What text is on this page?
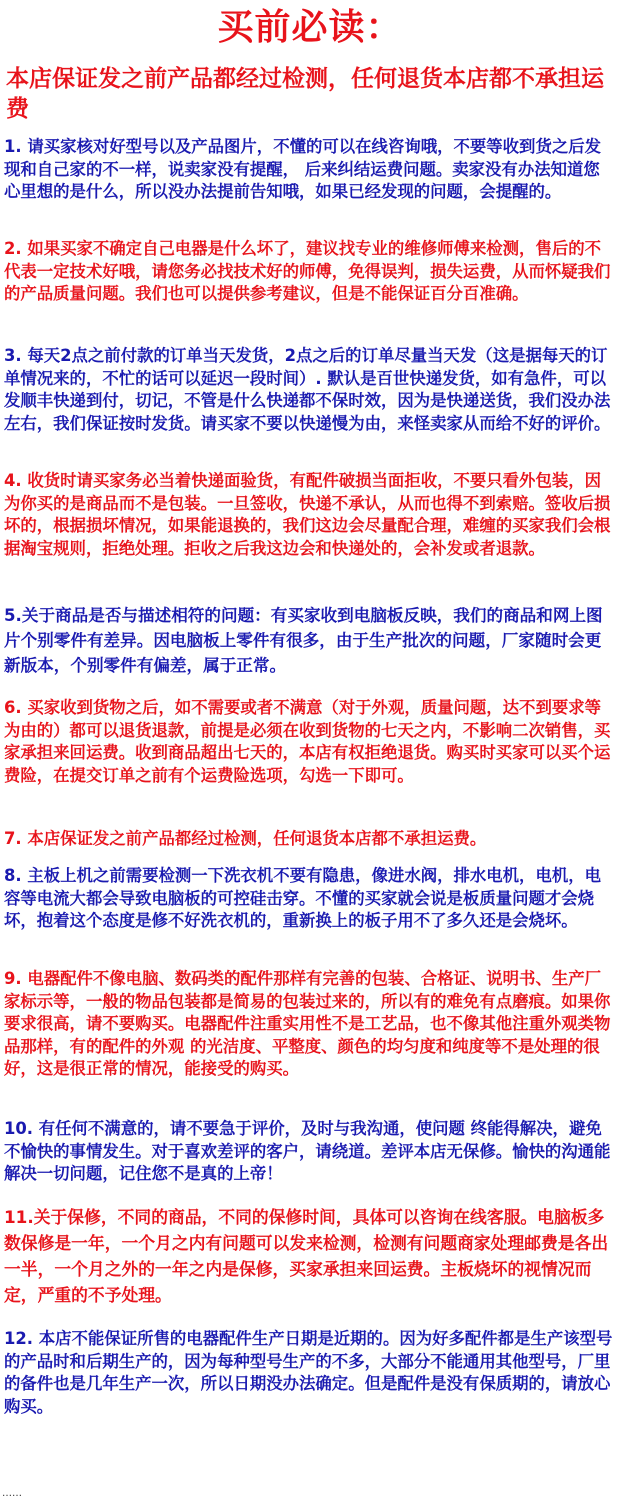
买前必读：
本店保证发之前产品都经过检测，任何退货本店都不承担运费
1. 请买家核对好型号以及产品图片，不懂的可以在线咨询哦，不要等收到货之后发现和自己家的不一样，说卖家没有提醒， 后来纠结运费问题。卖家没有办法知道您心里想的是什么，所以没办法提前告知哦，如果已经发现的问题，会提醒的。
2. 如果买家不确定自己电器是什么坏了，建议找专业的维修师傅来检测，售后的不代表一定技术好哦，请您务必找技术好的师傅，免得误判，损失运费，从而怀疑我们的产品质量问题。我们也可以提供参考建议，但是不能保证百分百准确。
3. 每天2点之前付款的订单当天发货，2点之后的订单尽量当天发（这是据每天的订单情况来的，不忙的话可以延迟一段时间）. 默认是百世快递发货，如有急件，可以发顺丰快递到付，切记，不管是什么快递都不保时效，因为是快递送货，我们没办法左右，我们保证按时发货。请买家不要以快递慢为由，来怪卖家从而给不好的评价。
4. 收货时请买家务必当着快递面验货，有配件破损当面拒收，不要只看外包装，因为你买的是商品而不是包装。一旦签收，快递不承认，从而也得不到索赔。签收后损坏的，根据损坏情况，如果能退换的，我们这边会尽量配合理，难缠的买家我们会根据淘宝规则，拒绝处理。拒收之后我这边会和快递处的，会补发或者退款。
5.关于商品是否与描述相符的问题：有买家收到电脑板反映，我们的商品和网上图片个别零件有差异。因电脑板上零件有很多，由于生产批次的问题，厂家随时会更新版本，个别零件有偏差，属于正常。
6. 买家收到货物之后，如不需要或者不满意（对于外观，质量问题，达不到要求等为由的）都可以退货退款，前提是必须在收到货物的七天之内，不影响二次销售，买家承担来回运费。收到商品超出七天的，本店有权拒绝退货。购买时买家可以买个运费险，在提交订单之前有个运费险选项，勾选一下即可。
7. 本店保证发之前产品都经过检测，任何退货本店都不承担运费。
8. 主板上机之前需要检测一下洗衣机不要有隐患，像进水阀，排水电机，电机，电容等电流大都会导致电脑板的可控硅击穿。不懂的买家就会说是板质量问题才会烧坏，抱着这个态度是修不好洗衣机的，重新换上的板子用不了多久还是会烧坏。
9. 电器配件不像电脑、数码类的配件那样有完善的包装、合格证、说明书、生产厂家标示等，一般的物品包装都是简易的包装过来的，所以有的难免有点磨痕。如果你要求很高，请不要购买。电器配件注重实用性不是工艺品，也不像其他注重外观类物品那样，有的配件的外观 的光洁度、平整度、颜色的均匀度和纯度等不是处理的很好，这是很正常的情况，能接受的购买。
10. 有任何不满意的，请不要急于评价，及时与我沟通，使问题 终能得解决，避免不愉快的事情发生。对于喜欢差评的客户，请绕道。差评本店无保修。愉快的沟通能解决一切问题，记住您不是真的上帝！
11.关于保修，不同的商品，不同的保修时间，具体可以咨询在线客服。电脑板多数保修是一年，一个月之内有问题可以发来检测，检测有问题商家处理邮费是各出一半，一个月之外的一年之内是保修，买家承担来回运费。主板烧坏的视情况而定，严重的不予处理。
12. 本店不能保证所售的电器配件生产日期是近期的。因为好多配件都是生产该型号的产品时和后期生产的，因为每种型号生产的不多，大部分不能通用其他型号，厂里的备件也是几年生产一次，所以日期没办法确定。但是配件是没有保质期的，请放心购买。
……
